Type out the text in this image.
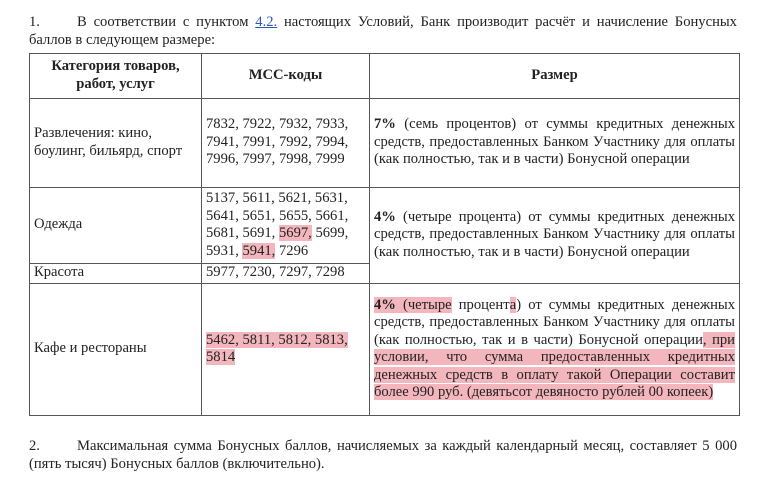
1.	В соответствии с пунктом 4.2. настоящих Условий, Банк производит расчёт и начисление Бонусных баллов в следующем размере:
Категория товаров, работ, услуг	MCC-коды	Размер
Развлечения: кино, боулинг, бильярд, спорт	7832, 7922, 7932, 7933, 7941, 7991, 7992, 7994, 7996, 7997, 7998, 7999	7% (семь процентов) от суммы кредитных денежных средств, предоставленных Банком Участнику для оплаты (как полностью, так и в части) Бонусной операции
Одежда	5137, 5611, 5621, 5631, 5641, 5651, 5655, 5661, 5681, 5691, 5697, 5699, 5931, 5941, 7296	4% (четыре процента) от суммы кредитных денежных средств, предоставленных Банком Участнику для оплаты (как полностью, так и в части) Бонусной операции
Красота	5977, 7230, 7297, 7298	
Кафе и рестораны	5462, 5811, 5812, 5813, 5814	4% (четыре процента) от суммы кредитных денежных средств, предоставленных Банком Участнику для оплаты (как полностью, так и в части) Бонусной операции, при условии, что сумма предоставленных кредитных денежных средств в оплату такой Операции составит более 990 руб. (девятьсот девяносто рублей 00 копеек)
2.	Максимальная сумма Бонусных баллов, начисляемых за каждый календарный месяц, составляет 5 000 (пять тысяч) Бонусных баллов (включительно).
